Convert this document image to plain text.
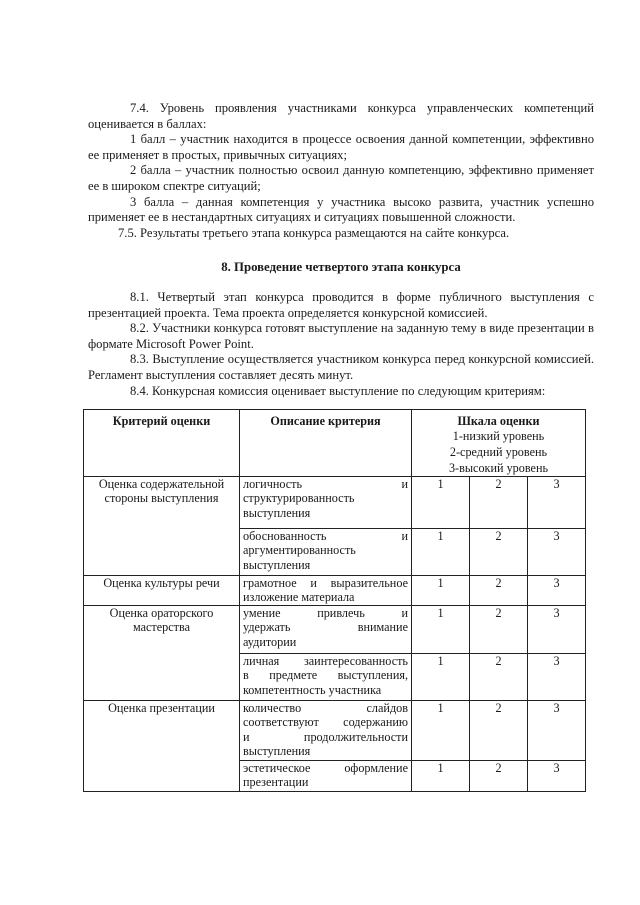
7.4. Уровень проявления участниками конкурса управленческих компетенций оценивается в баллах:

1 балл – участник находится в процессе освоения данной компетенции, эффективно ее применяет в простых, привычных ситуациях;

2 балла – участник полностью освоил данную компетенцию, эффективно применяет ее в широком спектре ситуаций;

3 балла – данная компетенция у участника высоко развита, участник успешно применяет ее в нестандартных ситуациях и ситуациях повышенной сложности.

7.5. Результаты третьего этапа конкурса размещаются на сайте конкурса.

8. Проведение четвертого этапа конкурса

8.1. Четвертый этап конкурса проводится в форме публичного выступления с презентацией проекта. Тема проекта определяется конкурсной комиссией.

8.2. Участники конкурса готовят выступление на заданную тему в виде презентации в формате Microsoft Power Point.

8.3. Выступление осуществляется участником конкурса перед конкурсной комиссией. Регламент выступления составляет десять минут.

8.4. Конкурсная комиссия оценивает выступление по следующим критериям:

Критерий оценки	Описание критерия	Шкала оценки
1-низкий уровень
2-средний уровень
3-высокий уровень		

Оценка содержательной стороны выступления	логичность и
структурированность
выступления	1	2	3

	обоснованность и
аргументированность
выступления	1	2	3
Оценка культуры речи	грамотное и выразительное
изложение материала	1	2	3
Оценка ораторского мастерства	умение привлечь и
удержать внимание
аудитории	1	2	3

	личная заинтересованность
в предмете выступления,
компетентность участника	1	2	3
Оценка презентации	количество слайдов
соответствуют содержанию
и продолжительности
выступления	1	2	3

	эстетическое оформление
презентации	1	2	3
